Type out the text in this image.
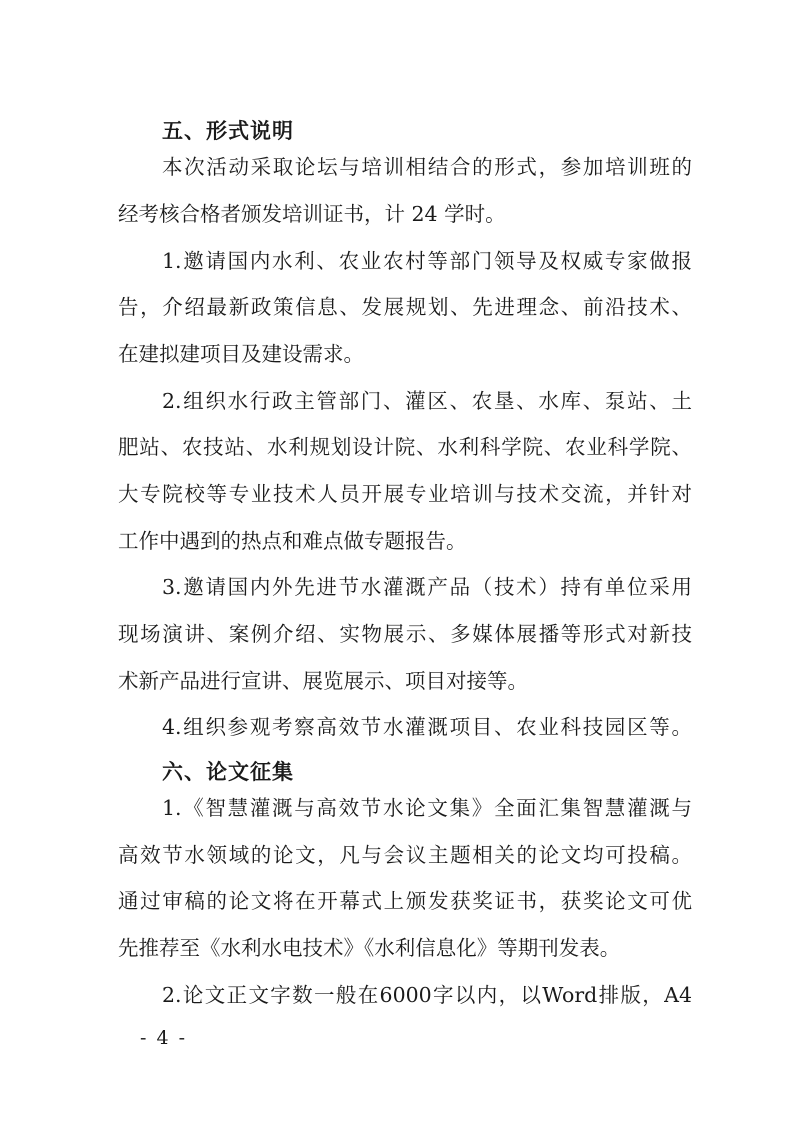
五、形式说明
本次活动采取论坛与培训相结合的形式，参加培训班的
经考核合格者颁发培训证书，计 24 学时。
1.邀请国内水利、农业农村等部门领导及权威专家做报
告，介绍最新政策信息、发展规划、先进理念、前沿技术、
在建拟建项目及建设需求。
2.组织水行政主管部门、灌区、农垦、水库、泵站、土
肥站、农技站、水利规划设计院、水利科学院、农业科学院、
大专院校等专业技术人员开展专业培训与技术交流，并针对
工作中遇到的热点和难点做专题报告。
3.邀请国内外先进节水灌溉产品（技术）持有单位采用
现场演讲、案例介绍、实物展示、多媒体展播等形式对新技
术新产品进行宣讲、展览展示、项目对接等。
4.组织参观考察高效节水灌溉项目、农业科技园区等。
六、论文征集
1.《智慧灌溉与高效节水论文集》全面汇集智慧灌溉与
高效节水领域的论文，凡与会议主题相关的论文均可投稿。
通过审稿的论文将在开幕式上颁发获奖证书，获奖论文可优
先推荐至《水利水电技术》《水利信息化》等期刊发表。
2.论文正文字数一般在6000字以内，以Word排版，A4
- 4 -
